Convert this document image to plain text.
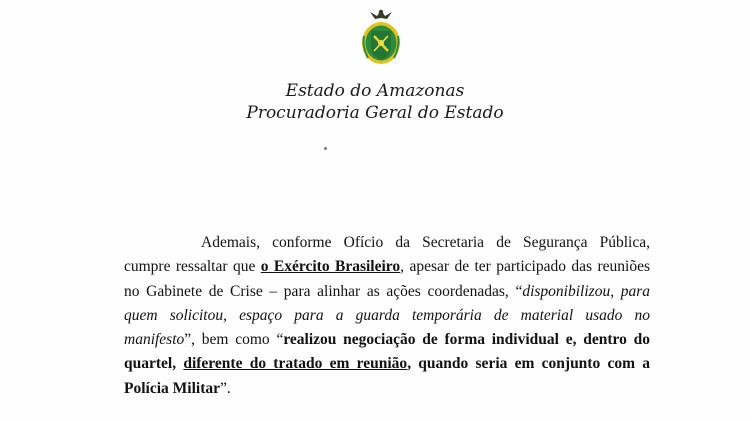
Estado do Amazonas
Procuradoria Geral do Estado
Ademais, conforme Ofício da Secretaria de Segurança Pública,
cumpre ressaltar que o Exército Brasileiro, apesar de ter participado das reuniões
no Gabinete de Crise – para alinhar as ações coordenadas, “disponibilizou, para
quem solicitou, espaço para a guarda temporária de material usado no
manifesto”, bem como “realizou negociação de forma individual e, dentro do
quartel, diferente do tratado em reunião, quando seria em conjunto com a
Polícia Militar”.
